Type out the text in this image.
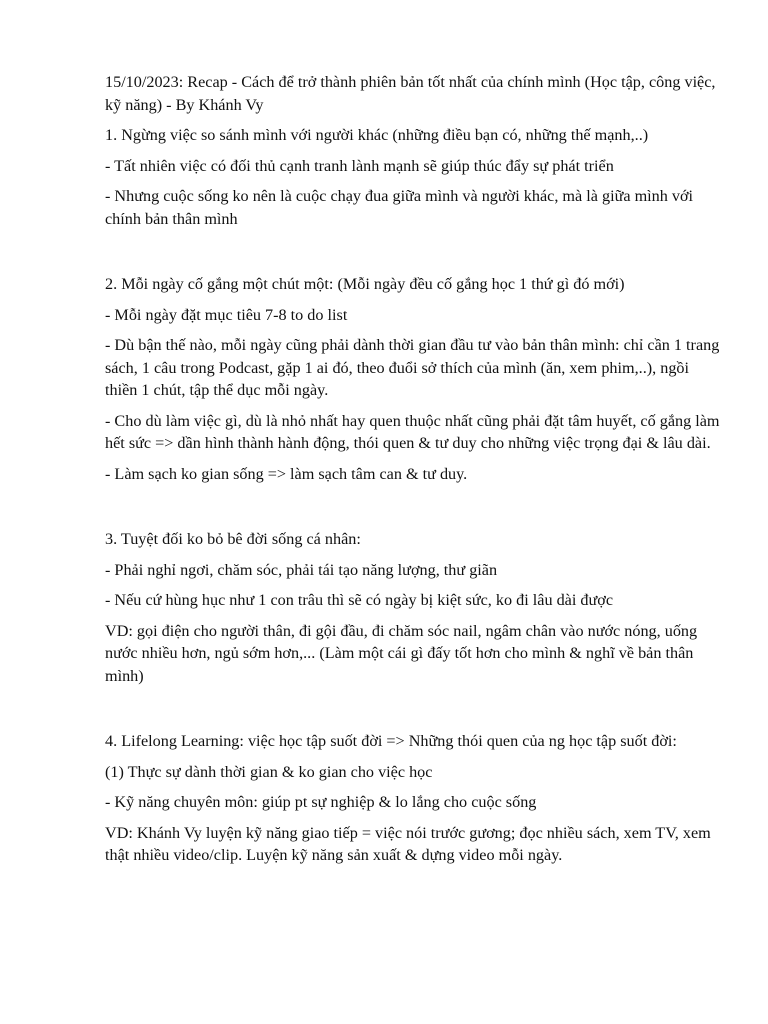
15/10/2023: Recap - Cách để trở thành phiên bản tốt nhất của chính mình (Học tập, công việc, kỹ năng) - By Khánh Vy

1. Ngừng việc so sánh mình với người khác (những điều bạn có, những thế mạnh,..)

- Tất nhiên việc có đối thủ cạnh tranh lành mạnh sẽ giúp thúc đẩy sự phát triển

- Nhưng cuộc sống ko nên là cuộc chạy đua giữa mình và người khác, mà là giữa mình với chính bản thân mình

2. Mỗi ngày cố gắng một chút một: (Mỗi ngày đều cố gắng học 1 thứ gì đó mới)

- Mỗi ngày đặt mục tiêu 7-8 to do list

- Dù bận thế nào, mỗi ngày cũng phải dành thời gian đầu tư vào bản thân mình: chỉ cần 1 trang sách, 1 câu trong Podcast, gặp 1 ai đó, theo đuổi sở thích của mình (ăn, xem phim,..), ngồi thiền 1 chút, tập thể dục mỗi ngày.

- Cho dù làm việc gì, dù là nhỏ nhất hay quen thuộc nhất cũng phải đặt tâm huyết, cố gắng làm hết sức => dần hình thành hành động, thói quen & tư duy cho những việc trọng đại & lâu dài.

- Làm sạch ko gian sống => làm sạch tâm can & tư duy.

3. Tuyệt đối ko bỏ bê đời sống cá nhân:

- Phải nghỉ ngơi, chăm sóc, phải tái tạo năng lượng, thư giãn

- Nếu cứ hùng hục như 1 con trâu thì sẽ có ngày bị kiệt sức, ko đi lâu dài được

VD: gọi điện cho người thân, đi gội đầu, đi chăm sóc nail, ngâm chân vào nước nóng, uống nước nhiều hơn, ngủ sớm hơn,... (Làm một cái gì đấy tốt hơn cho mình & nghĩ về bản thân mình)

4. Lifelong Learning: việc học tập suốt đời => Những thói quen của ng học tập suốt đời:

(1) Thực sự dành thời gian & ko gian cho việc học

- Kỹ năng chuyên môn: giúp pt sự nghiệp & lo lắng cho cuộc sống

VD: Khánh Vy luyện kỹ năng giao tiếp = việc nói trước gương; đọc nhiều sách, xem TV, xem thật nhiều video/clip. Luyện kỹ năng sản xuất & dựng video mỗi ngày.
